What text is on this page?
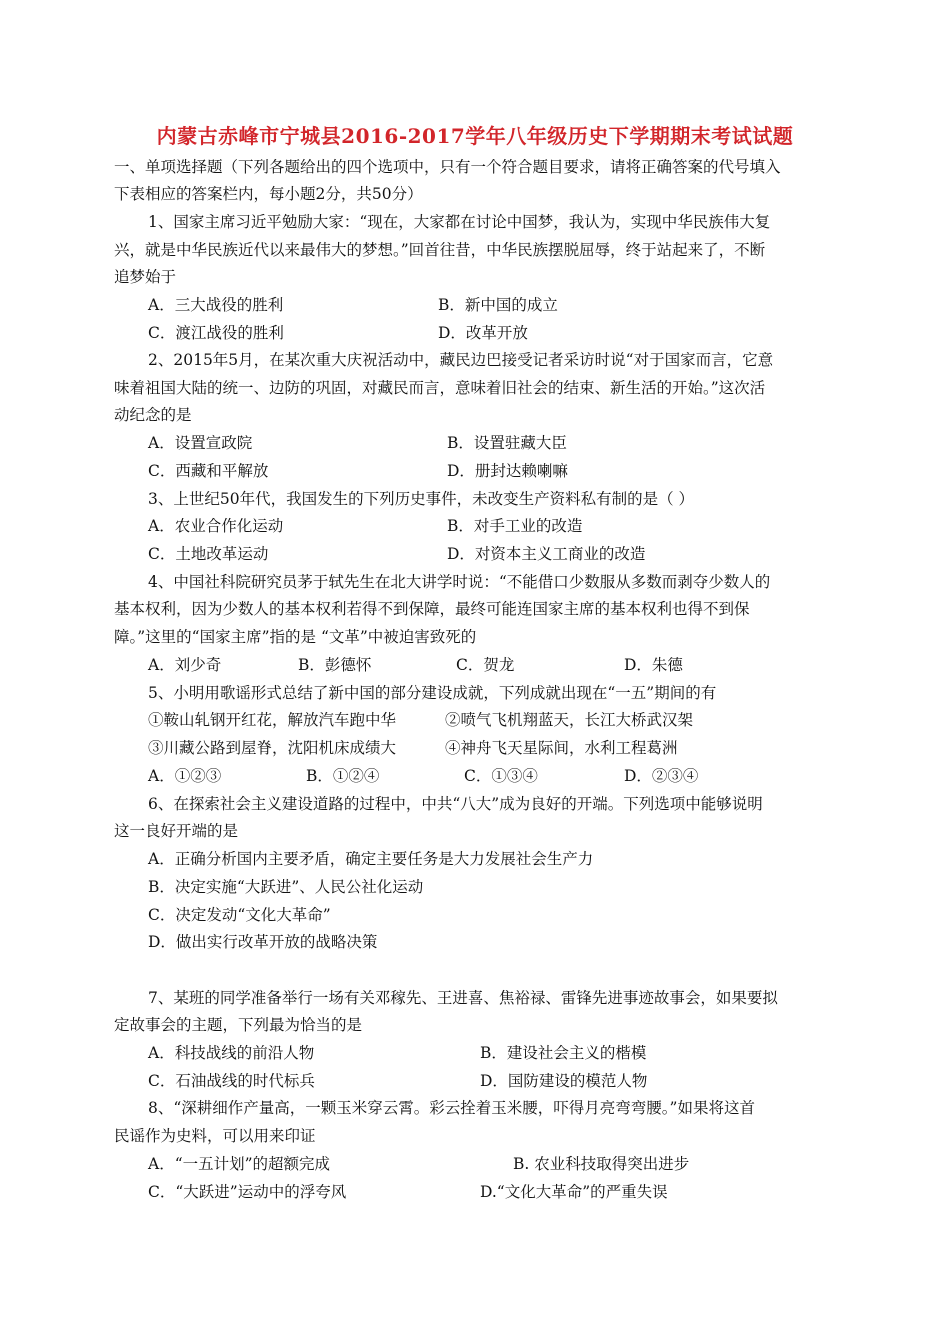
内蒙古赤峰市宁城县2016-2017学年八年级历史下学期期末考试试题
一、单项选择题（下列各题给出的四个选项中，只有一个符合题目要求，请将正确答案的代号填入
下表相应的答案栏内，每小题2分，共50分）
1、国家主席习近平勉励大家：“现在，大家都在讨论中国梦，我认为，实现中华民族伟大复
兴，就是中华民族近代以来最伟大的梦想。”回首往昔，中华民族摆脱屈辱，终于站起来了，不断
追梦始于
A．三大战役的胜利	B．新中国的成立
C．渡江战役的胜利	D．改革开放
2、2015年5月，在某次重大庆祝活动中，藏民边巴接受记者采访时说“对于国家而言，它意
味着祖国大陆的统一、边防的巩固，对藏民而言，意味着旧社会的结束、新生活的开始。”这次活
动纪念的是
A．设置宣政院	B．设置驻藏大臣
C．西藏和平解放	D．册封达赖喇嘛
3、上世纪50年代，我国发生的下列历史事件，未改变生产资料私有制的是（ ）
A．农业合作化运动	B．对手工业的改造
C．土地改革运动	D．对资本主义工商业的改造
4、中国社科院研究员茅于轼先生在北大讲学时说：“不能借口少数服从多数而剥夺少数人的
基本权利，因为少数人的基本权利若得不到保障，最终可能连国家主席的基本权利也得不到保
障。”这里的“国家主席”指的是 “文革”中被迫害致死的
A．刘少奇	B．彭德怀	C．贺龙	D．朱德
5、小明用歌谣形式总结了新中国的部分建设成就，下列成就出现在“一五”期间的有
①鞍山轧钢开红花，解放汽车跑中华	②喷气飞机翔蓝天，长江大桥武汉架
③川藏公路到屋脊，沈阳机床成绩大	④神舟飞天星际间，水利工程葛洲
A．①②③	B．①②④	C．①③④	D．②③④
6、在探索社会主义建设道路的过程中，中共“八大”成为良好的开端。下列选项中能够说明
这一良好开端的是
A．正确分析国内主要矛盾，确定主要任务是大力发展社会生产力
B．决定实施“大跃进”、人民公社化运动
C．决定发动“文化大革命”
D．做出实行改革开放的战略决策
7、某班的同学准备举行一场有关邓稼先、王进喜、焦裕禄、雷锋先进事迹故事会，如果要拟
定故事会的主题，下列最为恰当的是
A．科技战线的前沿人物	B．建设社会主义的楷模
C．石油战线的时代标兵	D．国防建设的模范人物
8、“深耕细作产量高，一颗玉米穿云霄。彩云拴着玉米腰，吓得月亮弯弯腰。”如果将这首
民谣作为史料，可以用来印证
A．“一五计划”的超额完成	B. 农业科技取得突出进步
C．“大跃进”运动中的浮夸风	D.“文化大革命”的严重失误
